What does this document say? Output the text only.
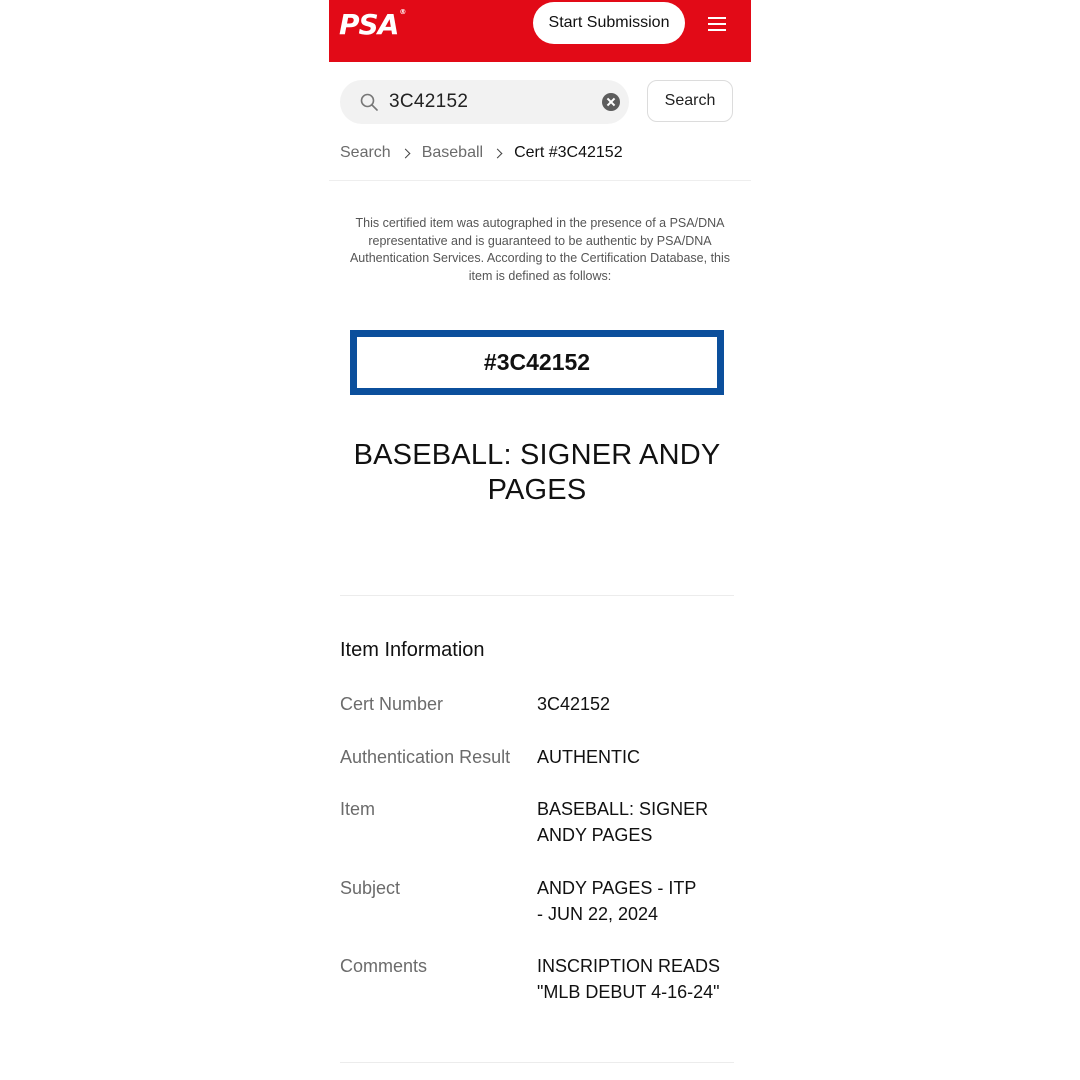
PSA®
Start Submission
3C42152	Search
Search Baseball Cert #3C42152
This certified item was autographed in the presence of a PSA/DNA representative and is guaranteed to be authentic by PSA/DNA Authentication Services. According to the Certification Database, this item is defined as follows:
#3C42152
BASEBALL: SIGNER ANDY PAGES
Item Information
Cert Number	3C42152
Authentication Result AUTHENTIC
Item	BASEBALL: SIGNER ANDY PAGES
Subject	ANDY PAGES - ITP - JUN 22, 2024
Comments	INSCRIPTION READS "MLB DEBUT 4-16-24"
